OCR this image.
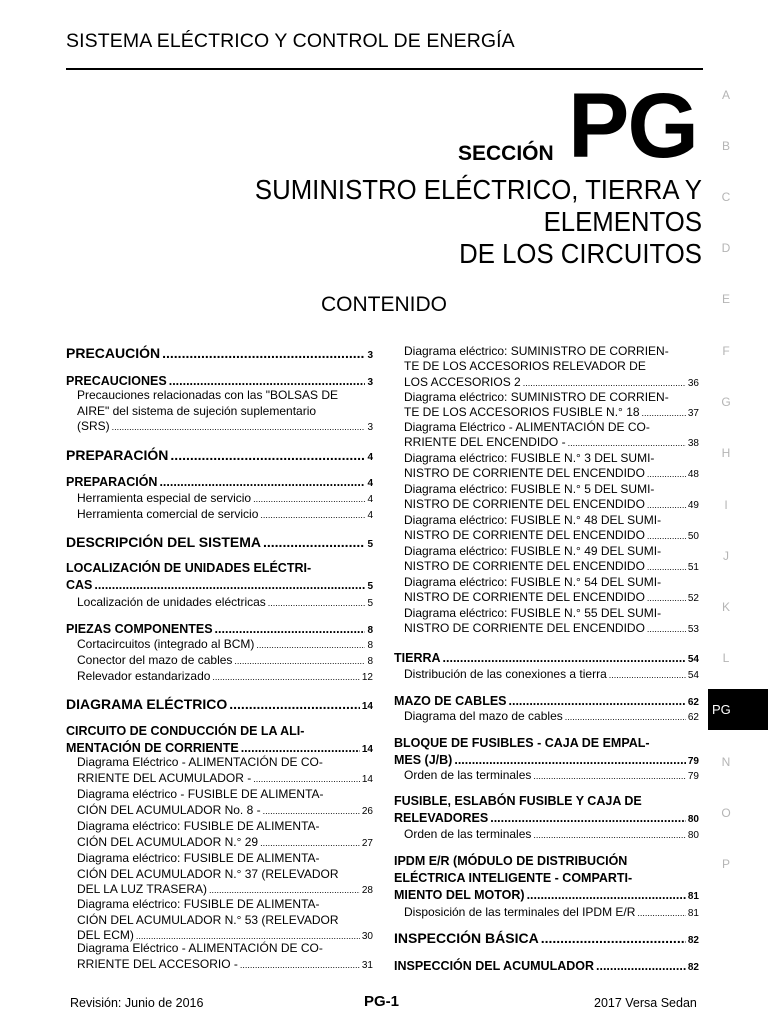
SISTEMA ELÉCTRICO Y CONTROL DE ENERGÍA
SECCIÓN PG
SUMINISTRO ELÉCTRICO, TIERRA Y ELEMENTOS
DE LOS CIRCUITOS
CONTENIDO
PRECAUCIÓN .....	3
PRECAUCIONES .....	3
Precauciones relacionadas con las "BOLSAS DE
AIRE" del sistema de sujeción suplementario
(SRS) .....	3
PREPARACIÓN .....	4
PREPARACIÓN .....	4
Herramienta especial de servicio .....	4
Herramienta comercial de servicio .....	4
DESCRIPCIÓN DEL SISTEMA .....	5
LOCALIZACIÓN DE UNIDADES ELÉCTRI-
CAS .....	5
Localización de unidades eléctricas .....	5
PIEZAS COMPONENTES .....	8
Cortacircuitos (integrado al BCM) .....	8
Conector del mazo de cables .....	8
Relevador estandarizado .....	12
DIAGRAMA ELÉCTRICO .....	14
CIRCUITO DE CONDUCCIÓN DE LA ALI-
MENTACIÓN DE CORRIENTE .....	14
Diagrama Eléctrico - ALIMENTACIÓN DE CO-
RRIENTE DEL ACUMULADOR - .....	14
Diagrama eléctrico - FUSIBLE DE ALIMENTA-
CIÓN DEL ACUMULADOR No. 8 - .....	26
Diagrama eléctrico: FUSIBLE DE ALIMENTA-
CIÓN DEL ACUMULADOR N.° 29 .....	27
Diagrama eléctrico: FUSIBLE DE ALIMENTA-
CIÓN DEL ACUMULADOR N.° 37 (RELEVADOR
DEL LA LUZ TRASERA) .....	28
Diagrama eléctrico: FUSIBLE DE ALIMENTA-
CIÓN DEL ACUMULADOR N.° 53 (RELEVADOR
DEL ECM) .....	30
Diagrama Eléctrico - ALIMENTACIÓN DE CO-
RRIENTE DEL ACCESORIO - .....	31
Diagrama eléctrico: SUMINISTRO DE CORRIEN-
TE DE LOS ACCESORIOS RELEVADOR DE
LOS ACCESORIOS 2 .....	36
Diagrama eléctrico: SUMINISTRO DE CORRIEN-
TE DE LOS ACCESORIOS FUSIBLE N.° 18 .....	37
Diagrama Eléctrico - ALIMENTACIÓN DE CO-
RRIENTE DEL ENCENDIDO - .....	38
Diagrama eléctrico: FUSIBLE N.° 3 DEL SUMI-
NISTRO DE CORRIENTE DEL ENCENDIDO .....	48
Diagrama eléctrico: FUSIBLE N.° 5 DEL SUMI-
NISTRO DE CORRIENTE DEL ENCENDIDO .....	49
Diagrama eléctrico: FUSIBLE N.° 48 DEL SUMI-
NISTRO DE CORRIENTE DEL ENCENDIDO .....	50
Diagrama eléctrico: FUSIBLE N.° 49 DEL SUMI-
NISTRO DE CORRIENTE DEL ENCENDIDO .....	51
Diagrama eléctrico: FUSIBLE N.° 54 DEL SUMI-
NISTRO DE CORRIENTE DEL ENCENDIDO .....	52
Diagrama eléctrico: FUSIBLE N.° 55 DEL SUMI-
NISTRO DE CORRIENTE DEL ENCENDIDO .....	53
TIERRA .....	54
Distribución de las conexiones a tierra .....	54
MAZO DE CABLES .....	62
Diagrama del mazo de cables .....	62
BLOQUE DE FUSIBLES - CAJA DE EMPAL-
MES (J/B) .....	79
Orden de las terminales .....	79
FUSIBLE, ESLABÓN FUSIBLE Y CAJA DE
RELEVADORES .....	80
Orden de las terminales .....	80
IPDM E/R (MÓDULO DE DISTRIBUCIÓN
ELÉCTRICA INTELIGENTE - COMPARTI-
MIENTO DEL MOTOR) .....	81
Disposición de las terminales del IPDM E/R .....	81
INSPECCIÓN BÁSICA .....	82
INSPECCIÓN DEL ACUMULADOR .....	82
A
B
C
D
E
F
G
H
I
J
K
L
N
O
P
PG
Revisión: Junio de 2016	PG-1	2017 Versa Sedan
